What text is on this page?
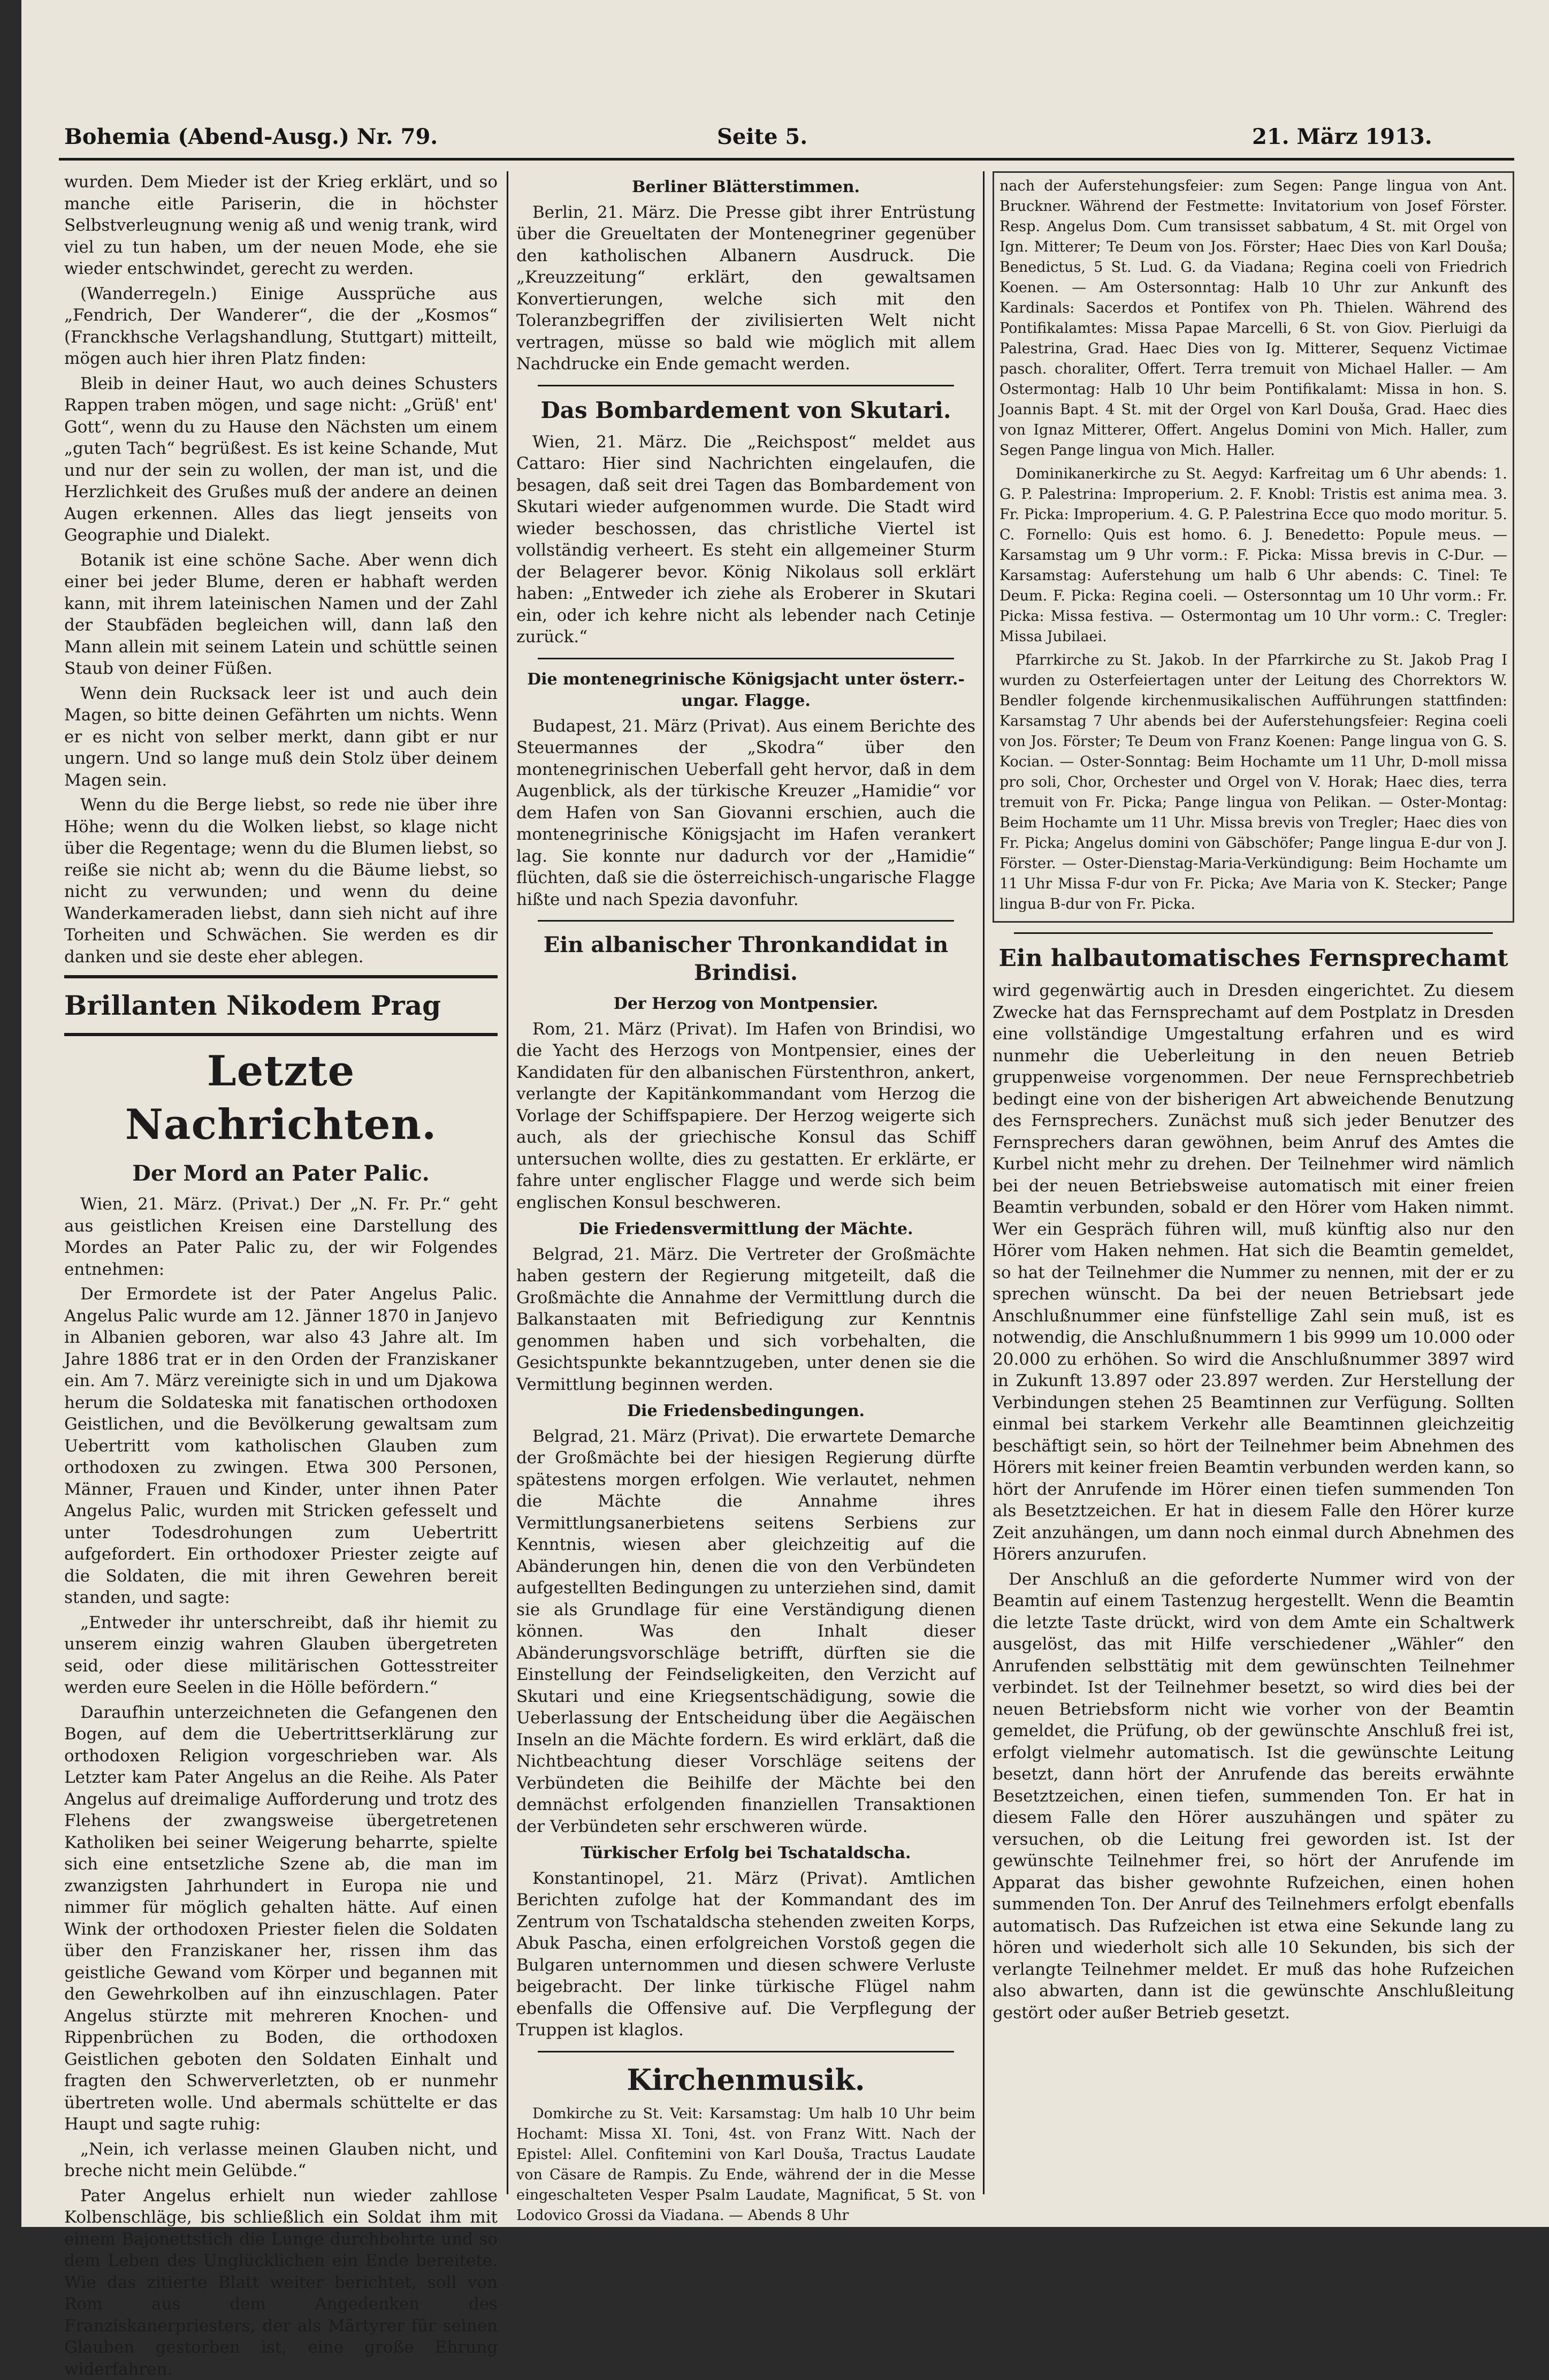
Bohemia (Abend-Ausg.) Nr. 79.	Seite 5.	21. März 1913.

wurden. Dem Mieder ist der Krieg erklärt, und so manche eitle Pariserin, die in höchster Selbstverleugnung wenig aß und wenig trank, wird viel zu tun haben, um der neuen Mode, ehe sie wieder entschwindet, gerecht zu werden.

(Wanderregeln.) Einige Aussprüche aus „Fendrich, Der Wanderer“, die der „Kosmos“ (Franckhsche Verlagshandlung, Stuttgart) mitteilt, mögen auch hier ihren Platz finden:

Bleib in deiner Haut, wo auch deines Schusters Rappen traben mögen, und sage nicht: „Grüß' ent' Gott“, wenn du zu Hause den Nächsten um einem „guten Tach“ begrüßest. Es ist keine Schande, Mut und nur der sein zu wollen, der man ist, und die Herzlichkeit des Grußes muß der andere an deinen Augen erkennen. Alles das liegt jenseits von Geographie und Dialekt.

Botanik ist eine schöne Sache. Aber wenn dich einer bei jeder Blume, deren er habhaft werden kann, mit ihrem lateinischen Namen und der Zahl der Staubfäden begleichen will, dann laß den Mann allein mit seinem Latein und schüttle seinen Staub von deiner Füßen.

Wenn dein Rucksack leer ist und auch dein Magen, so bitte deinen Gefährten um nichts. Wenn er es nicht von selber merkt, dann gibt er nur ungern. Und so lange muß dein Stolz über deinem Magen sein.

Wenn du die Berge liebst, so rede nie über ihre Höhe; wenn du die Wolken liebst, so klage nicht über die Regentage; wenn du die Blumen liebst, so reiße sie nicht ab; wenn du die Bäume liebst, so nicht zu verwunden; und wenn du deine Wanderkameraden liebst, dann sieh nicht auf ihre Torheiten und Schwächen. Sie werden es dir danken und sie deste eher ablegen.

Brillanten Nikodem Prag
Letzte Nachrichten.
Der Mord an Pater Palic.

Wien, 21. März. (Privat.) Der „N. Fr. Pr.“ geht aus geistlichen Kreisen eine Darstellung des Mordes an Pater Palic zu, der wir Folgendes entnehmen:

Der Ermordete ist der Pater Angelus Palic. Angelus Palic wurde am 12. Jänner 1870 in Janjevo in Albanien geboren, war also 43 Jahre alt. Im Jahre 1886 trat er in den Orden der Franziskaner ein. Am 7. März vereinigte sich in und um Djakowa herum die Soldateska mit fanatischen orthodoxen Geistlichen, und die Bevölkerung gewaltsam zum Uebertritt vom katholischen Glauben zum orthodoxen zu zwingen. Etwa 300 Personen, Männer, Frauen und Kinder, unter ihnen Pater Angelus Palic, wurden mit Stricken gefesselt und unter Todesdrohungen zum Uebertritt aufgefordert. Ein orthodoxer Priester zeigte auf die Soldaten, die mit ihren Gewehren bereit standen, und sagte:

„Entweder ihr unterschreibt, daß ihr hiemit zu unserem einzig wahren Glauben übergetreten seid, oder diese militärischen Gottesstreiter werden eure Seelen in die Hölle befördern.“

Daraufhin unterzeichneten die Gefangenen den Bogen, auf dem die Uebertrittserklärung zur orthodoxen Religion vorgeschrieben war. Als Letzter kam Pater Angelus an die Reihe. Als Pater Angelus auf dreimalige Aufforderung und trotz des Flehens der zwangsweise übergetretenen Katholiken bei seiner Weigerung beharrte, spielte sich eine entsetzliche Szene ab, die man im zwanzigsten Jahrhundert in Europa nie und nimmer für möglich gehalten hätte. Auf einen Wink der orthodoxen Priester fielen die Soldaten über den Franziskaner her, rissen ihm das geistliche Gewand vom Körper und begannen mit den Gewehrkolben auf ihn einzuschlagen. Pater Angelus stürzte mit mehreren Knochen- und Rippenbrüchen zu Boden, die orthodoxen Geistlichen geboten den Soldaten Einhalt und fragten den Schwerverletzten, ob er nunmehr übertreten wolle. Und abermals schüttelte er das Haupt und sagte ruhig:

„Nein, ich verlasse meinen Glauben nicht, und breche nicht mein Gelübde.“

Pater Angelus erhielt nun wieder zahllose Kolbenschläge, bis schließlich ein Soldat ihm mit einem Bajonettstich die Lunge durchbohrte und so dem Leben des Unglücklichen ein Ende bereitete. Wie das zitierte Blatt weiter berichtet, soll von Rom aus dem Angedenken des Franziskanerpriesters, der als Märtyrer für seinen Glauben gestorben ist, eine große Ehrung widerfahren.

Berliner Blätterstimmen.

Berlin, 21. März. Die Presse gibt ihrer Entrüstung über die Greueltaten der Montenegriner gegenüber den katholischen Albanern Ausdruck. Die „Kreuzzeitung“ erklärt, den gewaltsamen Konvertierungen, welche sich mit den Toleranzbegriffen der zivilisierten Welt nicht vertragen, müsse so bald wie möglich mit allem Nachdrucke ein Ende gemacht werden.

Das Bombardement von Skutari.

Wien, 21. März. Die „Reichspost“ meldet aus Cattaro: Hier sind Nachrichten eingelaufen, die besagen, daß seit drei Tagen das Bombardement von Skutari wieder aufgenommen wurde. Die Stadt wird wieder beschossen, das christliche Viertel ist vollständig verheert. Es steht ein allgemeiner Sturm der Belagerer bevor. König Nikolaus soll erklärt haben: „Entweder ich ziehe als Eroberer in Skutari ein, oder ich kehre nicht als lebender nach Cetinje zurück.“

Die montenegrinische Königsjacht unter österr.-ungar. Flagge.

Budapest, 21. März (Privat). Aus einem Berichte des Steuermannes der „Skodra“ über den montenegrinischen Ueberfall geht hervor, daß in dem Augenblick, als der türkische Kreuzer „Hamidie“ vor dem Hafen von San Giovanni erschien, auch die montenegrinische Königsjacht im Hafen verankert lag. Sie konnte nur dadurch vor der „Hamidie“ flüchten, daß sie die österreichisch-ungarische Flagge hißte und nach Spezia davonfuhr.

Ein albanischer Thronkandidat in Brindisi.
Der Herzog von Montpensier.

Rom, 21. März (Privat). Im Hafen von Brindisi, wo die Yacht des Herzogs von Montpensier, eines der Kandidaten für den albanischen Fürstenthron, ankert, verlangte der Kapitänkommandant vom Herzog die Vorlage der Schiffspapiere. Der Herzog weigerte sich auch, als der griechische Konsul das Schiff untersuchen wollte, dies zu gestatten. Er erklärte, er fahre unter englischer Flagge und werde sich beim englischen Konsul beschweren.

Die Friedensvermittlung der Mächte.

Belgrad, 21. März. Die Vertreter der Großmächte haben gestern der Regierung mitgeteilt, daß die Großmächte die Annahme der Vermittlung durch die Balkanstaaten mit Befriedigung zur Kenntnis genommen haben und sich vorbehalten, die Gesichtspunkte bekanntzugeben, unter denen sie die Vermittlung beginnen werden.

Die Friedensbedingungen.

Belgrad, 21. März (Privat). Die erwartete Demarche der Großmächte bei der hiesigen Regierung dürfte spätestens morgen erfolgen. Wie verlautet, nehmen die Mächte die Annahme ihres Vermittlungsanerbietens seitens Serbiens zur Kenntnis, wiesen aber gleichzeitig auf die Abänderungen hin, denen die von den Verbündeten aufgestellten Bedingungen zu unterziehen sind, damit sie als Grundlage für eine Verständigung dienen können. Was den Inhalt dieser Abänderungsvorschläge betrifft, dürften sie die Einstellung der Feindseligkeiten, den Verzicht auf Skutari und eine Kriegsentschädigung, sowie die Ueberlassung der Entscheidung über die Aegäischen Inseln an die Mächte fordern. Es wird erklärt, daß die Nichtbeachtung dieser Vorschläge seitens der Verbündeten die Beihilfe der Mächte bei den demnächst erfolgenden finanziellen Transaktionen der Verbündeten sehr erschweren würde.

Türkischer Erfolg bei Tschataldscha.

Konstantinopel, 21. März (Privat). Amtlichen Berichten zufolge hat der Kommandant des im Zentrum von Tschataldscha stehenden zweiten Korps, Abuk Pascha, einen erfolgreichen Vorstoß gegen die Bulgaren unternommen und diesen schwere Verluste beigebracht. Der linke türkische Flügel nahm ebenfalls die Offensive auf. Die Verpflegung der Truppen ist klaglos.

Kirchenmusik.

Domkirche zu St. Veit: Karsamstag: Um halb 10 Uhr beim Hochamt: Missa XI. Toni, 4st. von Franz Witt. Nach der Epistel: Allel. Confitemini von Karl Douša, Tractus Laudate von Cäsare de Rampis. Zu Ende, während der in die Messe eingeschalteten Vesper Psalm Laudate, Magnificat, 5 St. von Lodovico Grossi da Viadana. — Abends 8 Uhr

nach der Auferstehungsfeier: zum Segen: Pange lingua von Ant. Bruckner. Während der Festmette: Invitatorium von Josef Förster. Resp. Angelus Dom. Cum transisset sabbatum, 4 St. mit Orgel von Ign. Mitterer; Te Deum von Jos. Förster; Haec Dies von Karl Douša; Benedictus, 5 St. Lud. G. da Viadana; Regina coeli von Friedrich Koenen. — Am Ostersonntag: Halb 10 Uhr zur Ankunft des Kardinals: Sacerdos et Pontifex von Ph. Thielen. Während des Pontifikalamtes: Missa Papae Marcelli, 6 St. von Giov. Pierluigi da Palestrina, Grad. Haec Dies von Ig. Mitterer, Sequenz Victimae pasch. choraliter, Offert. Terra tremuit von Michael Haller. — Am Ostermontag: Halb 10 Uhr beim Pontifikalamt: Missa in hon. S. Joannis Bapt. 4 St. mit der Orgel von Karl Douša, Grad. Haec dies von Ignaz Mitterer, Offert. Angelus Domini von Mich. Haller, zum Segen Pange lingua von Mich. Haller.

Dominikanerkirche zu St. Aegyd: Karfreitag um 6 Uhr abends: 1. G. P. Palestrina: Improperium. 2. F. Knobl: Tristis est anima mea. 3. Fr. Picka: Improperium. 4. G. P. Palestrina Ecce quo modo moritur. 5. C. Fornello: Quis est homo. 6. J. Benedetto: Popule meus. — Karsamstag um 9 Uhr vorm.: F. Picka: Missa brevis in C-Dur. — Karsamstag: Auferstehung um halb 6 Uhr abends: C. Tinel: Te Deum. F. Picka: Regina coeli. — Ostersonntag um 10 Uhr vorm.: Fr. Picka: Missa festiva. — Ostermontag um 10 Uhr vorm.: C. Tregler: Missa Jubilaei.

Pfarrkirche zu St. Jakob. In der Pfarrkirche zu St. Jakob Prag I wurden zu Osterfeiertagen unter der Leitung des Chorrektors W. Bendler folgende kirchenmusikalischen Aufführungen stattfinden: Karsamstag 7 Uhr abends bei der Auferstehungsfeier: Regina coeli von Jos. Förster; Te Deum von Franz Koenen: Pange lingua von G. S. Kocian. — Oster-Sonntag: Beim Hochamte um 11 Uhr, D-moll missa pro soli, Chor, Orchester und Orgel von V. Horak; Haec dies, terra tremuit von Fr. Picka; Pange lingua von Pelikan. — Oster-Montag: Beim Hochamte um 11 Uhr. Missa brevis von Tregler; Haec dies von Fr. Picka; Angelus domini von Gäbschöfer; Pange lingua E-dur von J. Förster. — Oster-Dienstag-Maria-Verkündigung: Beim Hochamte um 11 Uhr Missa F-dur von Fr. Picka; Ave Maria von K. Stecker; Pange lingua B-dur von Fr. Picka.

Ein halbautomatisches Fernsprechamt

wird gegenwärtig auch in Dresden eingerichtet. Zu diesem Zwecke hat das Fernsprechamt auf dem Postplatz in Dresden eine vollständige Umgestaltung erfahren und es wird nunmehr die Ueberleitung in den neuen Betrieb gruppenweise vorgenommen. Der neue Fernsprechbetrieb bedingt eine von der bisherigen Art abweichende Benutzung des Fernsprechers. Zunächst muß sich jeder Benutzer des Fernsprechers daran gewöhnen, beim Anruf des Amtes die Kurbel nicht mehr zu drehen. Der Teilnehmer wird nämlich bei der neuen Betriebsweise automatisch mit einer freien Beamtin verbunden, sobald er den Hörer vom Haken nimmt. Wer ein Gespräch führen will, muß künftig also nur den Hörer vom Haken nehmen. Hat sich die Beamtin gemeldet, so hat der Teilnehmer die Nummer zu nennen, mit der er zu sprechen wünscht. Da bei der neuen Betriebsart jede Anschlußnummer eine fünfstellige Zahl sein muß, ist es notwendig, die Anschlußnummern 1 bis 9999 um 10.000 oder 20.000 zu erhöhen. So wird die Anschlußnummer 3897 wird in Zukunft 13.897 oder 23.897 werden. Zur Herstellung der Verbindungen stehen 25 Beamtinnen zur Verfügung. Sollten einmal bei starkem Verkehr alle Beamtinnen gleichzeitig beschäftigt sein, so hört der Teilnehmer beim Abnehmen des Hörers mit keiner freien Beamtin verbunden werden kann, so hört der Anrufende im Hörer einen tiefen summenden Ton als Besetztzeichen. Er hat in diesem Falle den Hörer kurze Zeit anzuhängen, um dann noch einmal durch Abnehmen des Hörers anzurufen.

Der Anschluß an die geforderte Nummer wird von der Beamtin auf einem Tastenzug hergestellt. Wenn die Beamtin die letzte Taste drückt, wird von dem Amte ein Schaltwerk ausgelöst, das mit Hilfe verschiedener „Wähler“ den Anrufenden selbsttätig mit dem gewünschten Teilnehmer verbindet. Ist der Teilnehmer besetzt, so wird dies bei der neuen Betriebsform nicht wie vorher von der Beamtin gemeldet, die Prüfung, ob der gewünschte Anschluß frei ist, erfolgt vielmehr automatisch. Ist die gewünschte Leitung besetzt, dann hört der Anrufende das bereits erwähnte Besetztzeichen, einen tiefen, summenden Ton. Er hat in diesem Falle den Hörer auszuhängen und später zu versuchen, ob die Leitung frei geworden ist. Ist der gewünschte Teilnehmer frei, so hört der Anrufende im Apparat das bisher gewohnte Rufzeichen, einen hohen summenden Ton. Der Anruf des Teilnehmers erfolgt ebenfalls automatisch. Das Rufzeichen ist etwa eine Sekunde lang zu hören und wiederholt sich alle 10 Sekunden, bis sich der verlangte Teilnehmer meldet. Er muß das hohe Rufzeichen also abwarten, dann ist die gewünschte Anschlußleitung gestört oder außer Betrieb gesetzt.
